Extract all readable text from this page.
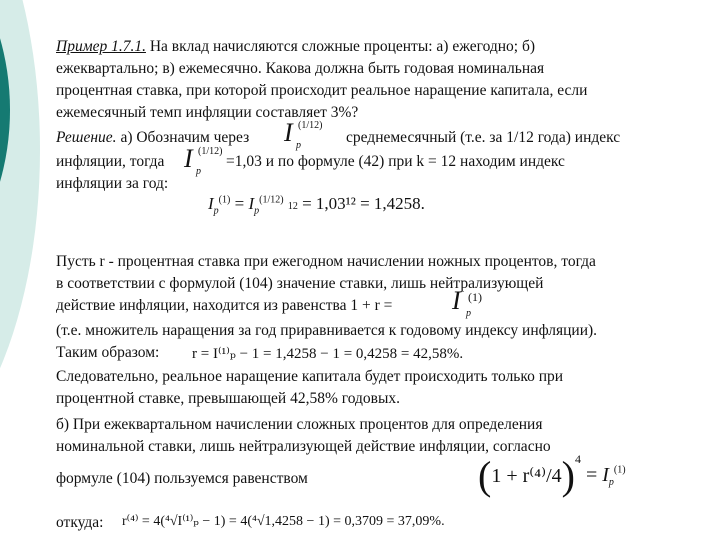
Пример 1.7.1. На вклад начисляются сложные проценты: а) ежегодно; б)
ежеквартально; в) ежемесячно. Какова должна быть годовая номинальная
процентная ставка, при которой происходит реальное наращение капитала, если
ежемесячный темп инфляции составляет 3%?
Решение. а) Обозначим через	среднемесячный (т.е. за 1/12 года) индекс
I (1/12)
p
инфляции, тогда	=1,03 и по формуле (42) при k = 12 находим индекс
I (1/12)
p
инфляции за год:
$I_p^{(1)} = I_p^{(1/12)}$ 12 = 1,03¹² = 1,4258.
Пусть r - процентная ставка при ежегодном начислении ножных процентов, тогда
в соответствии с формулой (104) значение ставки, лишь нейтрализующей
действие инфляции, находится из равенства 1 + r = I (1)
p
(т.е. множитель наращения за год приравнивается к годовому индексу инфляции).
Таким образом: r = I⁽¹⁾ₚ − 1 = 1,4258 − 1 = 0,4258 = 42,58%.
Следовательно, реальное наращение капитала будет происходить только при
процентной ставке, превышающей 42,58% годовых.
б) При ежеквартальном начислении сложных процентов для определения
номинальной ставки, лишь нейтрализующей действие инфляции, согласно
формуле (104) пользуемся равенством	$(1 + r^{(4)}/4)^4 = I_p^{(1)}$
откуда: r⁽⁴⁾ = 4(⁴√I⁽¹⁾ₚ − 1) = 4(⁴√1,4258 − 1) = 0,3709 = 37,09%.
